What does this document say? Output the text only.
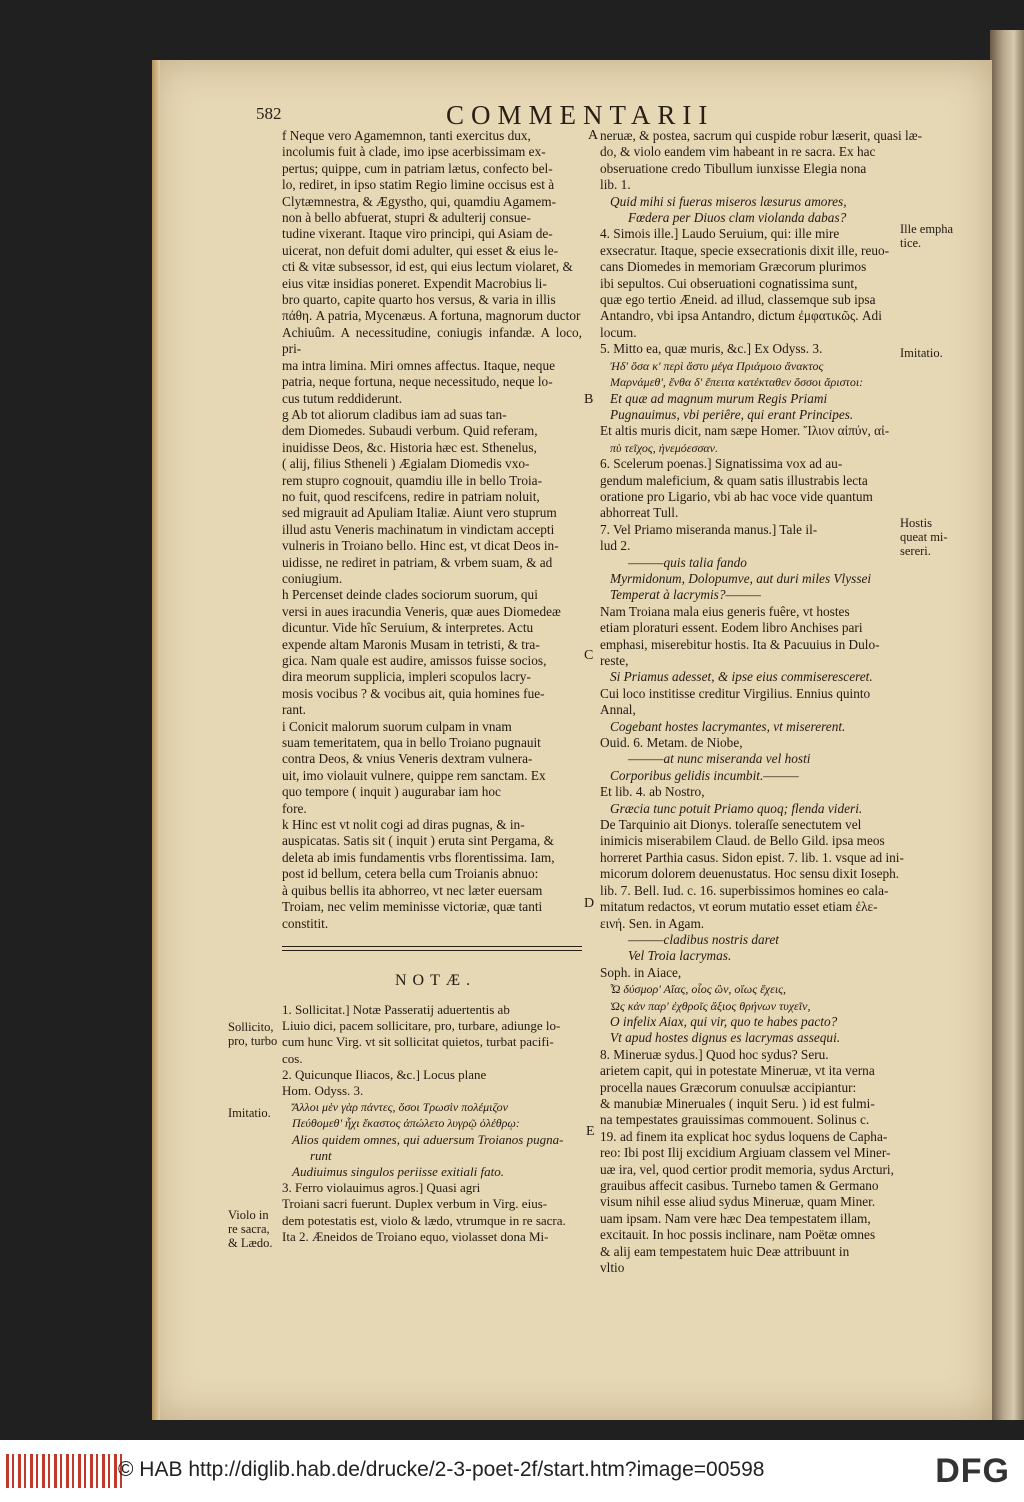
582	COMMENTARII

f Neque vero Agamemnon, tanti exercitus dux,

incolumis fuit à clade, imo ipse acerbissimam ex-

pertus; quippe, cum in patriam lætus, confecto bel-

lo, rediret, in ipso statim Regio limine occisus est à

Clytæmnestra, & Ægystho, qui, quamdiu Agamem-

non à bello abfuerat, stupri & adulterij consue-

tudine vixerant. Itaque viro principi, qui Asiam de-

uicerat, non defuit domi adulter, qui esset & eius le-

cti & vitæ subsessor, id est, qui eius lectum violaret, &

eius vitæ insidias poneret. Expendit Macrobius li-

bro quarto, capite quarto hos versus, & varia in illis

πάθη. A patria, Mycenæus. A fortuna, magnorum ductor

Achiuûm. A necessitudine, coniugis infandæ. A loco, pri-

ma intra limina. Miri omnes affectus. Itaque, neque

patria, neque fortuna, neque necessitudo, neque lo-

cus tutum reddiderunt.

g Ab tot aliorum cladibus iam ad suas tan-

dem Diomedes. Subaudi verbum. Quid referam,

inuidisse Deos, &c. Historia hæc est. Sthenelus,

( alij, filius Stheneli ) Ægialam Diomedis vxo-

rem stupro cognouit, quamdiu ille in bello Troia-

no fuit, quod rescifcens, redire in patriam noluit,

sed migrauit ad Apuliam Italiæ. Aiunt vero stuprum

illud astu Veneris machinatum in vindictam accepti

vulneris in Troiano bello. Hinc est, vt dicat Deos in-

uidisse, ne rediret in patriam, & vrbem suam, & ad

coniugium.

h Percenset deinde clades sociorum suorum, qui

versi in aues iracundia Veneris, quæ aues Diomedeæ

dicuntur. Vide hîc Seruium, & interpretes. Actu

expende altam Maronis Musam in tetristi, & tra-

gica. Nam quale est audire, amissos fuisse socios,

dira meorum supplicia, impleri scopulos lacry-

mosis vocibus ? & vocibus ait, quia homines fue-

rant.

i Conicit malorum suorum culpam in vnam

suam temeritatem, qua in bello Troiano pugnauit

contra Deos, & vnius Veneris dextram vulnera-

uit, imo violauit vulnere, quippe rem sanctam. Ex

quo tempore ( inquit ) augurabar iam hoc

fore.

k Hinc est vt nolit cogi ad diras pugnas, & in-

auspicatas. Satis sit ( inquit ) eruta sint Pergama, &

deleta ab imis fundamentis vrbs florentissima. Iam,

post id bellum, cetera bella cum Troianis abnuo:

à quibus bellis ita abhorreo, vt nec læter euersam

Troiam, nec velim meminisse victoriæ, quæ tanti

constitit.

neruæ, & postea, sacrum qui cuspide robur læserit, quasi læ-

do, & violo eandem vim habeant in re sacra. Ex hac

obseruatione credo Tibullum iunxisse Elegia nona

lib. 1.

Quid mihi si fueras miseros læsurus amores,

Fœdera per Diuos clam violanda dabas?

4. Simois ille.] Laudo Seruium, qui: ille mire

exsecratur. Itaque, specie exsecrationis dixit ille, reuo-

cans Diomedes in memoriam Græcorum plurimos

ibi sepultos. Cui obseruationi cognatissima sunt,

quæ ego tertio Æneid. ad illud, classemque sub ipsa

Antandro, vbi ipsa Antandro, dictum ἐμφατικῶς. Adi

locum.

5. Mitto ea, quæ muris, &c.] Ex Odyss. 3.

Ἠδ' ὅσα κ' περὶ ἄστυ μέγα Πριάμοιο ἄνακτος

Μαρνάμεθ', ἔνθα δ' ἔπειτα κατέκταθεν ὅσσοι ἄριστοι:

Et quæ ad magnum murum Regis Priami

Pugnauimus, vbi periêre, qui erant Principes.

Et altis muris dicit, nam sæpe Homer. Ἴλιον αἰπύν, αἰ-

πὺ τεῖχος, ἠνεμόεσσαν.

6. Scelerum poenas.] Signatissima vox ad au-

gendum maleficium, & quam satis illustrabis lecta

oratione pro Ligario, vbi ab hac voce vide quantum

abhorreat Tull.

7. Vel Priamo miseranda manus.] Tale il-

lud 2.

———quis talia fando

Myrmidonum, Dolopumve, aut duri miles Vlyssei

Temperat à lacrymis?———

Nam Troiana mala eius generis fuêre, vt hostes

etiam ploraturi essent. Eodem libro Anchises pari

emphasi, miserebitur hostis. Ita & Pacuuius in Dulo-

reste,

Si Priamus adesset, & ipse eius commiseresceret.

Cui loco institisse creditur Virgilius. Ennius quinto

Annal,

Cogebant hostes lacrymantes, vt misererent.

Ouid. 6. Metam. de Niobe,

———at nunc miseranda vel hosti

Corporibus gelidis incumbit.———

Et lib. 4. ab Nostro,

Græcia tunc potuit Priamo quoq; flenda videri.

De Tarquinio ait Dionys. toleraſſe senectutem vel

inimicis miserabilem Claud. de Bello Gild. ipsa meos

horreret Parthia casus. Sidon epist. 7. lib. 1. vsque ad ini-

micorum dolorem deuenustatus. Hoc sensu dixit Ioseph.

lib. 7. Bell. Iud. c. 16. superbissimos homines eo cala-

mitatum redactos, vt eorum mutatio esset etiam ἐλε-

εινή. Sen. in Agam.

———cladibus nostris daret

Vel Troia lacrymas.

Soph. in Aiace,

Ὦ δύσμορ' Αἴας, οἷος ὢν, οἵως ἔχεις,

Ὡς κἀν παρ' ἐχθροῖς ἄξιος θρήνων τυχεῖν,

O infelix Aiax, qui vir, quo te habes pacto?

Vt apud hostes dignus es lacrymas assequi.

8. Mineruæ sydus.] Quod hoc sydus? Seru.

arietem capit, qui in potestate Mineruæ, vt ita verna

procella naues Græcorum conuulsæ accipiantur:

& manubiæ Mineruales ( inquit Seru. ) id est fulmi-

na tempestates grauissimas commouent. Solinus c.

19. ad finem ita explicat hoc sydus loquens de Capha-

reo: Ibi post Ilij excidium Argiuam classem vel Miner-

uæ ira, vel, quod certior prodit memoria, sydus Arcturi,

grauibus affecit casibus. Turnebo tamen & Germano

visum nihil esse aliud sydus Mineruæ, quam Miner.

uam ipsam. Nam vere hæc Dea tempestatem illam,

excitauit. In hoc possis inclinare, nam Poëtæ omnes

& alij eam tempestatem huic Deæ attribuunt in

vltio

A
B
C
D
E
Ille empha tice.
Imitatio.
Hostis queat mi-sereri.
NOTÆ.
Sollicito, pro, turbo
Imitatio.
Violo in re sacra, & Lædo.

1. Sollicitat.] Notæ Passeratij aduertentis ab

Liuio dici, pacem sollicitare, pro, turbare, adiunge lo-

cum hunc Virg. vt sit sollicitat quietos, turbat pacifi-

cos.

2. Quicunque Iliacos, &c.] Locus plane

Hom. Odyss. 3.

Ἄλλοι μὲν γὰρ πάντες, ὅσοι Τρωσὶν πολέμιζον

Πεύθομεθ' ἧχι ἕκαστος ἀπώλετο λυγρῷ ὀλέθρῳ:

Alios quidem omnes, qui aduersum Troianos pugna-

runt

Audiuimus singulos periisse exitiali fato.

3. Ferro violauimus agros.] Quasi agri

Troiani sacri fuerunt. Duplex verbum in Virg. eius-

dem potestatis est, violo & lædo, vtrumque in re sacra.

Ita 2. Æneidos de Troiano equo, violasset dona Mi-

© HAB http://diglib.hab.de/drucke/2-3-poet-2f/start.htm?image=00598	DFG
